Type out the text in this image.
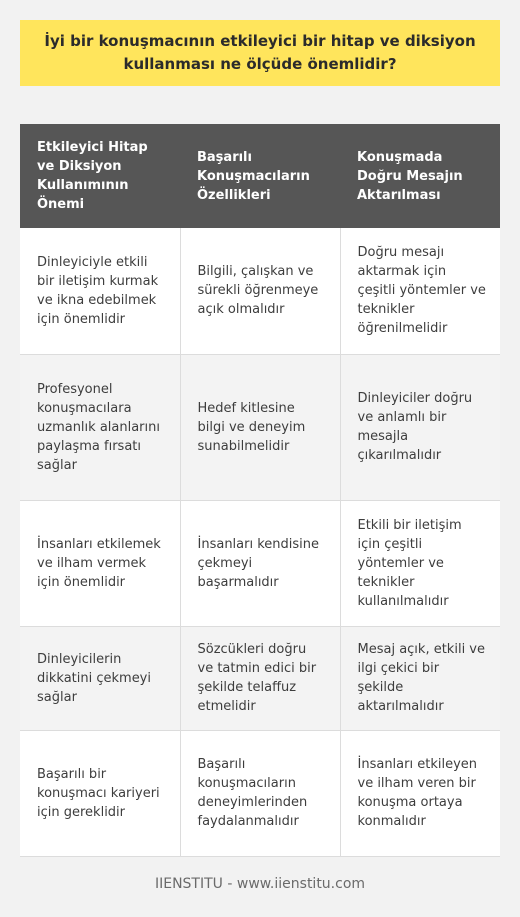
İyi bir konuşmacının etkileyici bir hitap ve diksiyon kullanması ne ölçüde önemlidir?
Etkileyici Hitap ve Diksiyon Kullanımının Önemi	Başarılı Konuşmacıların Özellikleri	Konuşmada Doğru Mesajın Aktarılması
Dinleyiciyle etkili bir iletişim kurmak ve ikna edebilmek için önemlidir	Bilgili, çalışkan ve sürekli öğrenmeye açık olmalıdır	Doğru mesajı aktarmak için çeşitli yöntemler ve teknikler öğrenilmelidir
Profesyonel konuşmacılara uzmanlık alanlarını paylaşma fırsatı sağlar	Hedef kitlesine bilgi ve deneyim sunabilmelidir	Dinleyiciler doğru ve anlamlı bir mesajla çıkarılmalıdır
İnsanları etkilemek ve ilham vermek için önemlidir	İnsanları kendisine çekmeyi başarmalıdır	Etkili bir iletişim için çeşitli yöntemler ve teknikler kullanılmalıdır
Dinleyicilerin dikkatini çekmeyi sağlar	Sözcükleri doğru ve tatmin edici bir şekilde telaffuz etmelidir	Mesaj açık, etkili ve ilgi çekici bir şekilde aktarılmalıdır
Başarılı bir konuşmacı kariyeri için gereklidir	Başarılı konuşmacıların deneyimlerinden faydalanmalıdır	İnsanları etkileyen ve ilham veren bir konuşma ortaya konmalıdır
IIENSTITU - www.iienstitu.com
